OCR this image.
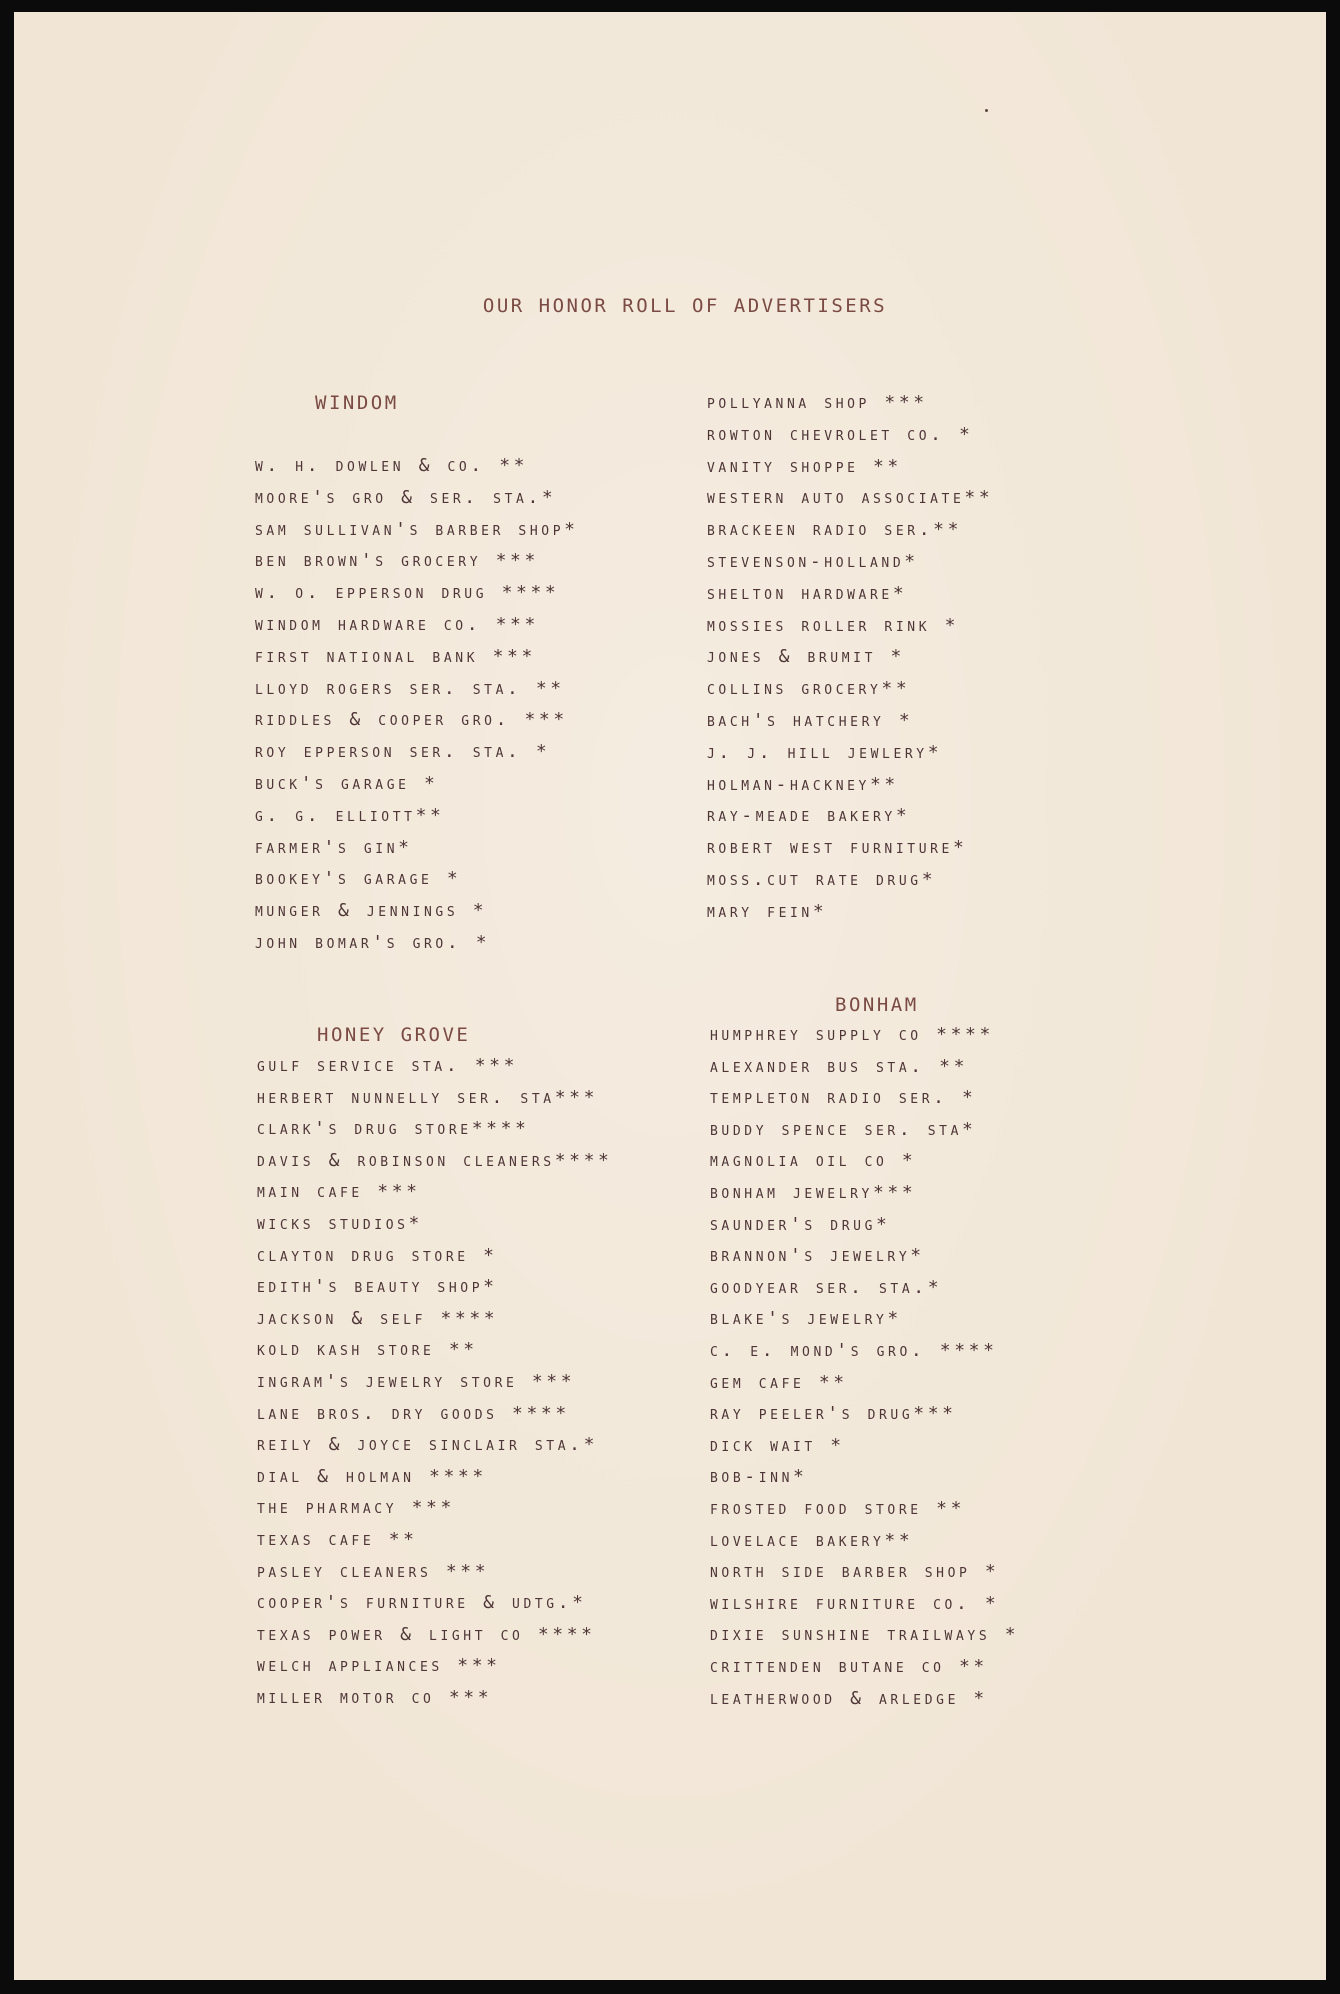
OUR HONOR ROLL OF ADVERTISERS
WINDOM
w. h. dowlen & co. **
moore's gro & ser. sta.*
sam sullivan's barber shop*
ben brown's grocery ***
w. o. epperson drug ****
windom hardware co. ***
first national bank ***
lloyd rogers ser. sta. **
riddles & cooper gro. ***
roy epperson ser. sta. *
buck's garage *
g. g. elliott**
farmer's gin*
bookey's garage *
munger & jennings *
john bomar's gro. *
HONEY GROVE
gulf service sta. ***
herbert nunnelly ser. sta***
clark's drug store****
davis & robinson cleaners****
main cafe ***
wicks studios*
clayton drug store *
edith's beauty shop*
jackson & self ****
kold kash store **
ingram's jewelry store ***
lane bros. dry goods ****
reily & joyce sinclair sta.*
dial & holman ****
the pharmacy ***
texas cafe **
pasley cleaners ***
cooper's furniture & udtg.*
texas power & light co ****
welch appliances ***
miller motor co ***
pollyanna shop ***
rowton chevrolet co. *
vanity shoppe **
western auto associate**
brackeen radio ser.**
stevenson-holland*
shelton hardware*
mossies roller rink *
jones & brumit *
collins grocery**
bach's hatchery *
j. j. hill jewlery*
holman-hackney**
ray-meade bakery*
robert west furniture*
moss.cut rate drug*
mary fein*
BONHAM
humphrey supply co ****
alexander bus sta. **
templeton radio ser. *
buddy spence ser. sta*
magnolia oil co *
bonham jewelry***
saunder's drug*
brannon's jewelry*
goodyear ser. sta.*
blake's jewelry*
c. e. mond's gro. ****
gem cafe **
ray peeler's drug***
dick wait *
bob-inn*
frosted food store **
lovelace bakery**
north side barber shop *
wilshire furniture co. *
dixie sunshine trailways *
crittenden butane co **
leatherwood & arledge *
